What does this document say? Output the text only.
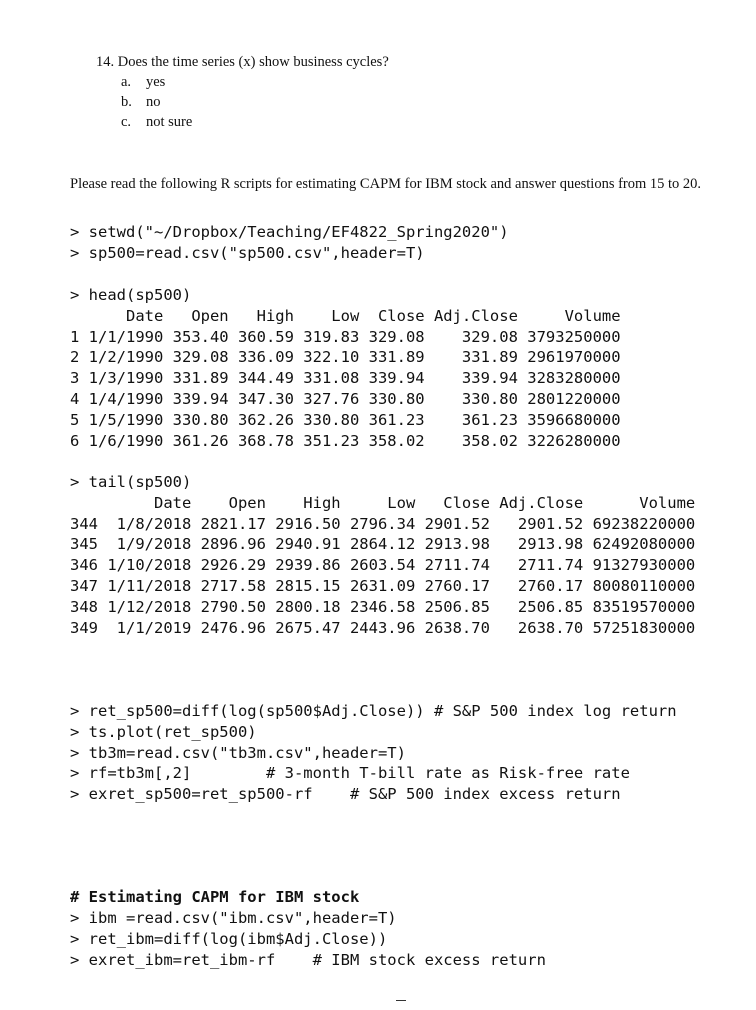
14. Does the time series (x) show business cycles?
a.	yes
b. no
c.	not sure
Please read the following R scripts for estimating CAPM for IBM stock and answer questions from 15 to 20.
> setwd("~/Dropbox/Teaching/EF4822_Spring2020")
> sp500=read.csv("sp500.csv",header=T)
> head(sp500)
Date   Open   High    Low  Close Adj.Close     Volume
1 1/1/1990 353.40 360.59 319.83 329.08    329.08 3793250000
2 1/2/1990 329.08 336.09 322.10 331.89    331.89 2961970000
3 1/3/1990 331.89 344.49 331.08 339.94    339.94 3283280000
4 1/4/1990 339.94 347.30 327.76 330.80    330.80 2801220000
5 1/5/1990 330.80 362.26 330.80 361.23    361.23 3596680000
6 1/6/1990 361.26 368.78 351.23 358.02    358.02 3226280000
> tail(sp500)
Date    Open    High     Low   Close Adj.Close      Volume
344  1/8/2018 2821.17 2916.50 2796.34 2901.52   2901.52 69238220000
345  1/9/2018 2896.96 2940.91 2864.12 2913.98   2913.98 62492080000
346 1/10/2018 2926.29 2939.86 2603.54 2711.74   2711.74 91327930000
347 1/11/2018 2717.58 2815.15 2631.09 2760.17   2760.17 80080110000
348 1/12/2018 2790.50 2800.18 2346.58 2506.85   2506.85 83519570000
349  1/1/2019 2476.96 2675.47 2443.96 2638.70   2638.70 57251830000
> ret_sp500=diff(log(sp500$Adj.Close)) # S&P 500 index log return
> ts.plot(ret_sp500)
> tb3m=read.csv("tb3m.csv",header=T)
> rf=tb3m[,2]        # 3-month T-bill rate as Risk-free rate
> exret_sp500=ret_sp500-rf    # S&P 500 index excess return
# Estimating CAPM for IBM stock
> ibm =read.csv("ibm.csv",header=T)
> ret_ibm=diff(log(ibm$Adj.Close))
> exret_ibm=ret_ibm-rf    # IBM stock excess return
